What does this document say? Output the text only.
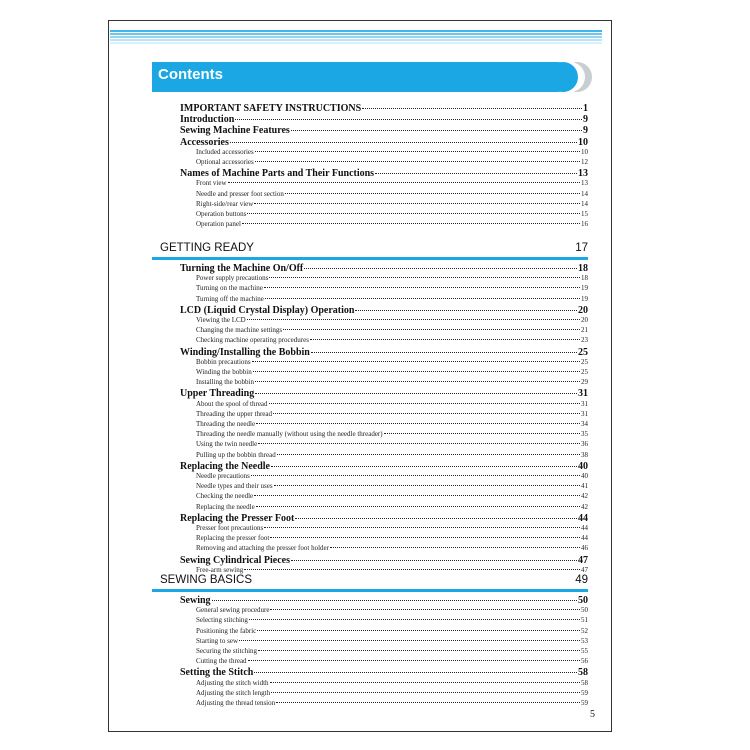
Contents
IMPORTANT SAFETY INSTRUCTIONS	1
Introduction	9
Sewing Machine Features	9
Accessories	10
Included accessories	10
Optional accessories	12
Names of Machine Parts and Their Functions	13
Front view	13
Needle and presser foot section	14
Right-side/rear view	14
Operation buttons	15
Operation panel	16
GETTING READY	17
Turning the Machine On/Off	18
Power supply precautions	18
Turning on the machine	19
Turning off the machine	19
LCD (Liquid Crystal Display) Operation	20
Viewing the LCD	20
Changing the machine settings	21
Checking machine operating procedures	23
Winding/Installing the Bobbin	25
Bobbin precautions	25
Winding the bobbin	25
Installing the bobbin	29
Upper Threading	31
About the spool of thread	31
Threading the upper thread	31
Threading the needle	34
Threading the needle manually (without using the needle threader)	35
Using the twin needle	36
Pulling up the bobbin thread	38
Replacing the Needle	40
Needle precautions	40
Needle types and their uses	41
Checking the needle	42
Replacing the needle	42
Replacing the Presser Foot	44
Presser foot precautions	44
Replacing the presser foot	44
Removing and attaching the presser foot holder	46
Sewing Cylindrical Pieces	47
Free-arm sewing	47
SEWING BASICS	49
Sewing	50
General sewing procedure	50
Selecting stitching	51
Positioning the fabric	52
Starting to sew	53
Securing the stitching	55
Cutting the thread	56
Setting the Stitch	58
Adjusting the stitch width	58
Adjusting the stitch length	59
Adjusting the thread tension	59
5
